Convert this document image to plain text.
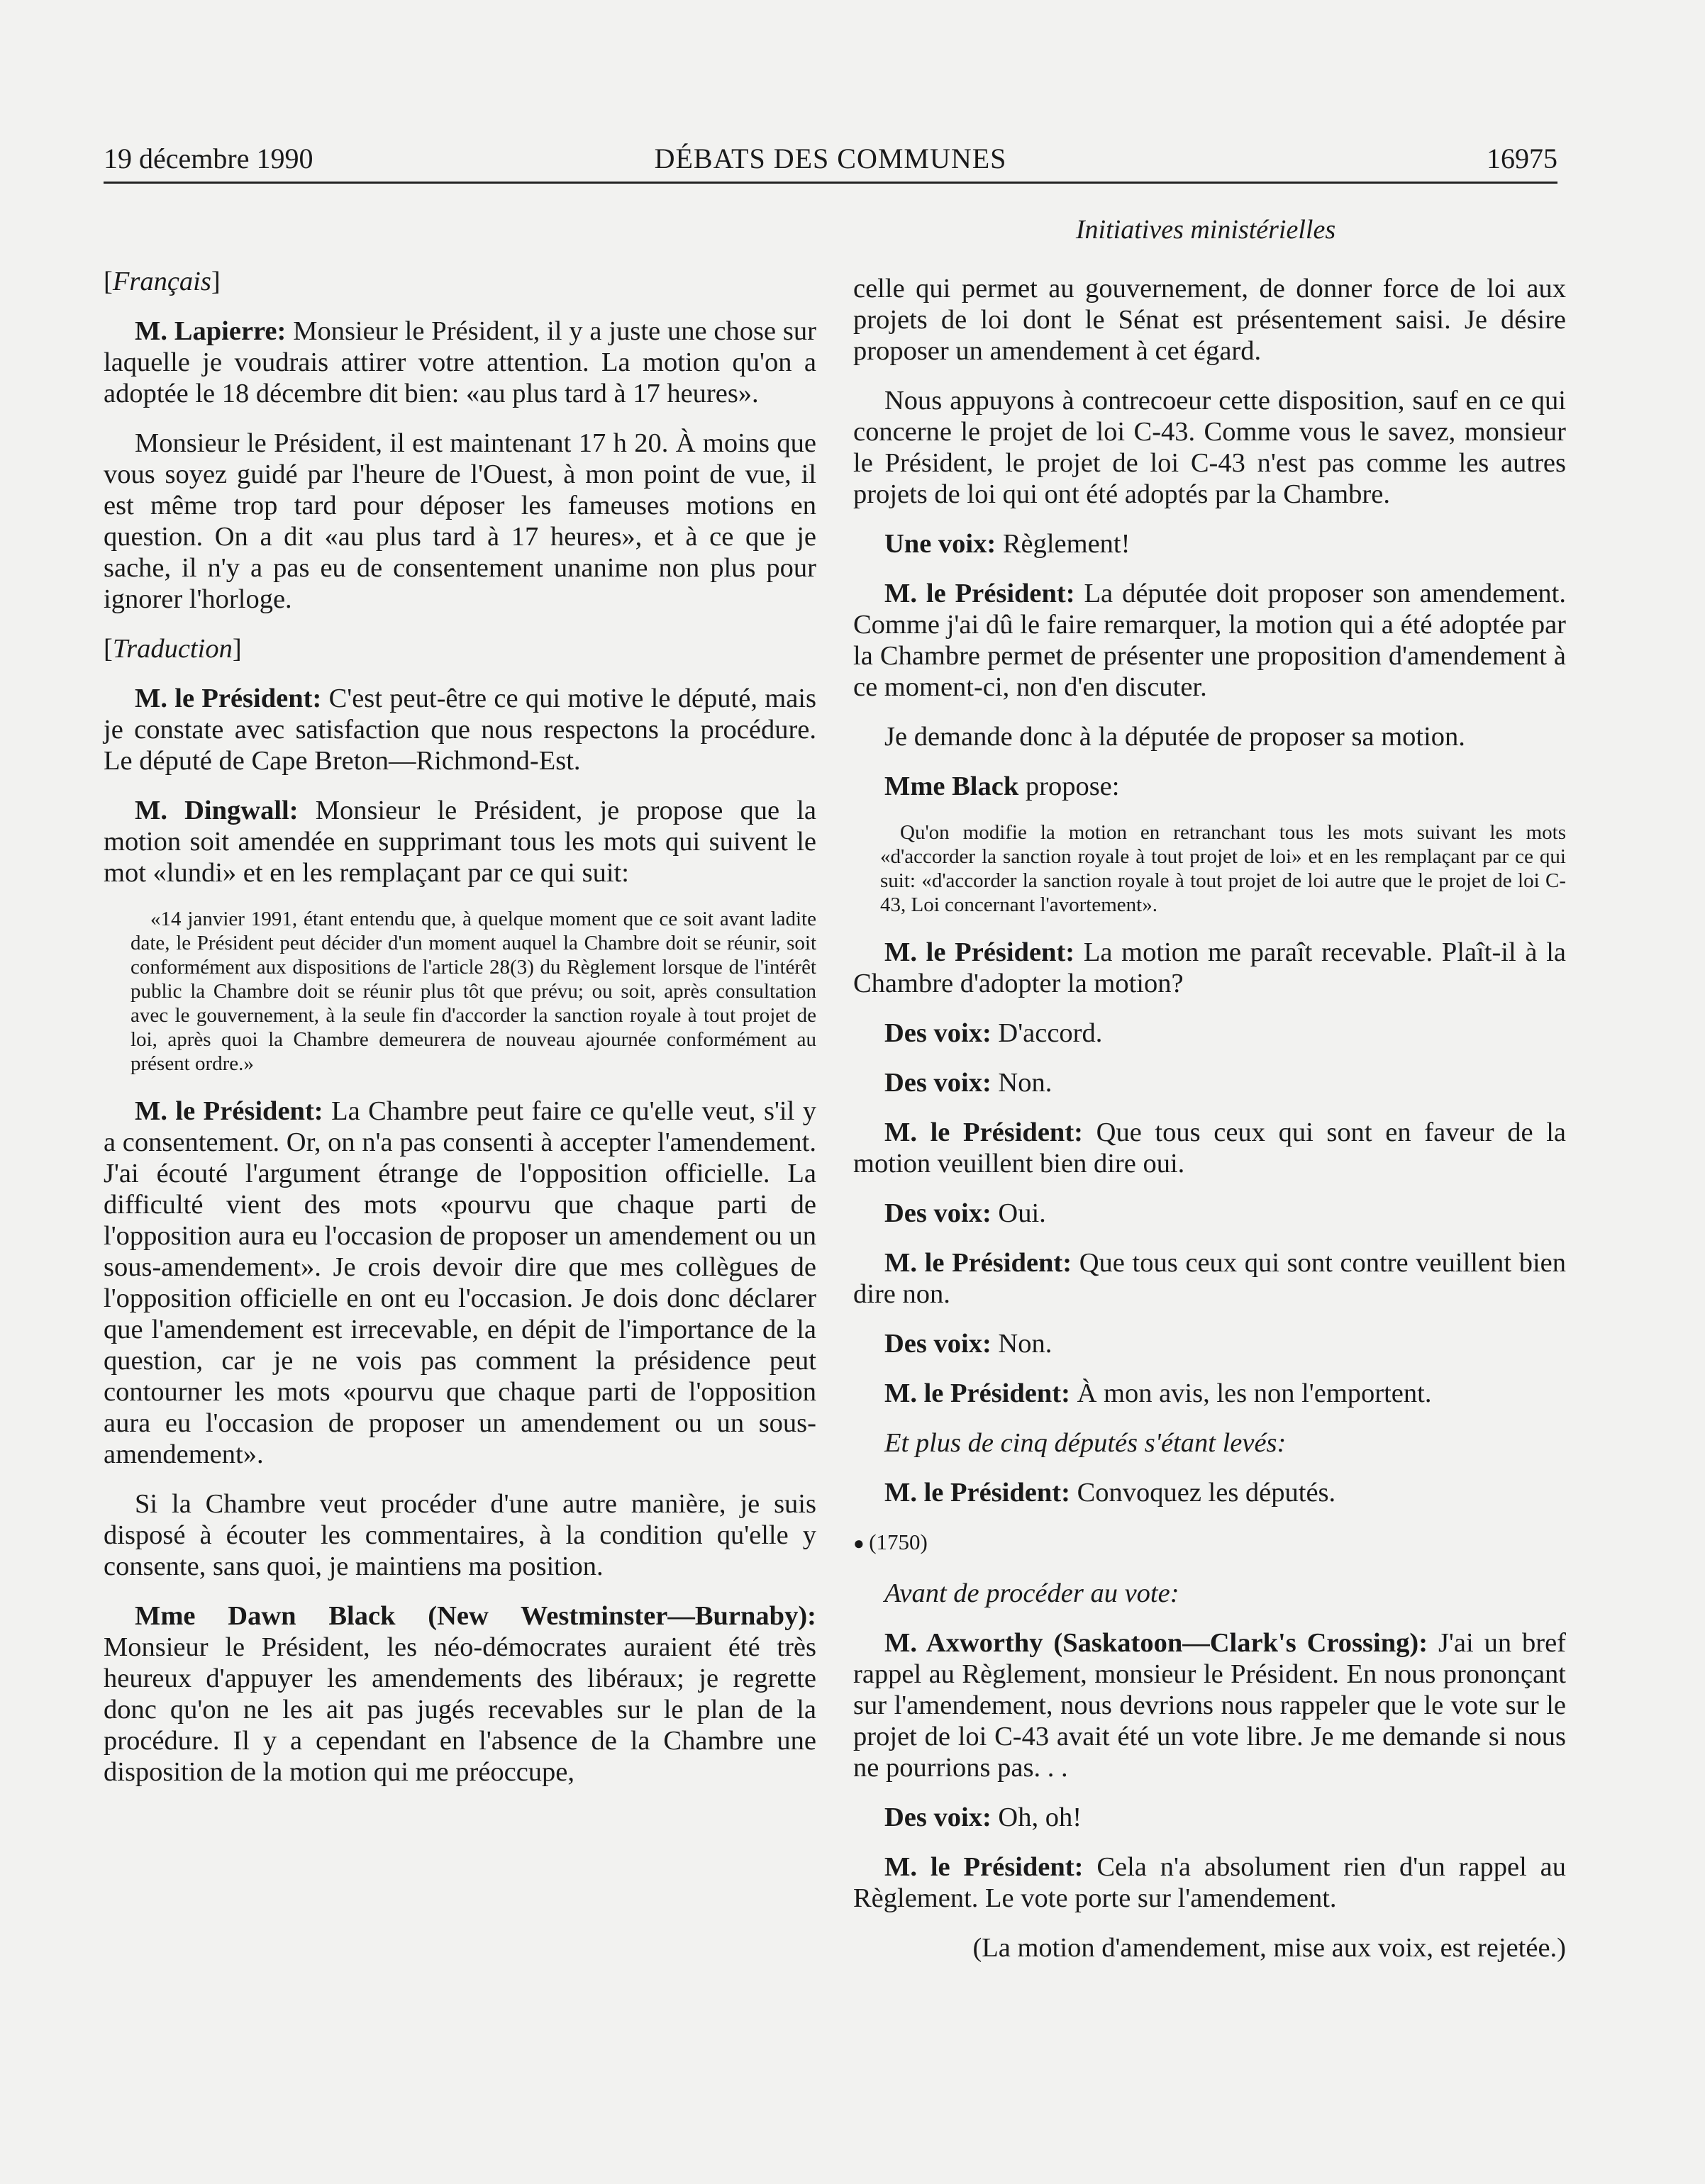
19 décembre 1990	DÉBATS DES COMMUNES	16975
Initiatives ministérielles

[Français]

M. Lapierre: Monsieur le Président, il y a juste une chose sur laquelle je voudrais attirer votre attention. La motion qu'on a adoptée le 18 décembre dit bien: «au plus tard à 17 heures».

Monsieur le Président, il est maintenant 17 h 20. À moins que vous soyez guidé par l'heure de l'Ouest, à mon point de vue, il est même trop tard pour déposer les fameuses motions en question. On a dit «au plus tard à 17 heures», et à ce que je sache, il n'y a pas eu de consentement unanime non plus pour ignorer l'horloge.

[Traduction]

M. le Président: C'est peut-être ce qui motive le député, mais je constate avec satisfaction que nous respectons la procédure. Le député de Cape Breton—Richmond-Est.

M. Dingwall: Monsieur le Président, je propose que la motion soit amendée en supprimant tous les mots qui suivent le mot «lundi» et en les remplaçant par ce qui suit:

«14 janvier 1991, étant entendu que, à quelque moment que ce soit avant ladite date, le Président peut décider d'un moment auquel la Chambre doit se réunir, soit conformément aux dispositions de l'article 28(3) du Règlement lorsque de l'intérêt public la Chambre doit se réunir plus tôt que prévu; ou soit, après consultation avec le gouvernement, à la seule fin d'accorder la sanction royale à tout projet de loi, après quoi la Chambre demeurera de nouveau ajournée conformément au présent ordre.»

M. le Président: La Chambre peut faire ce qu'elle veut, s'il y a consentement. Or, on n'a pas consenti à accepter l'amendement. J'ai écouté l'argument étrange de l'opposition officielle. La difficulté vient des mots «pourvu que chaque parti de l'opposition aura eu l'occasion de proposer un amendement ou un sous-amendement». Je crois devoir dire que mes collègues de l'opposition officielle en ont eu l'occasion. Je dois donc déclarer que l'amendement est irrecevable, en dépit de l'importance de la question, car je ne vois pas comment la présidence peut contourner les mots «pourvu que chaque parti de l'opposition aura eu l'occasion de proposer un amendement ou un sous-amendement».

Si la Chambre veut procéder d'une autre manière, je suis disposé à écouter les commentaires, à la condition qu'elle y consente, sans quoi, je maintiens ma position.

Mme Dawn Black (New Westminster—Burnaby): Monsieur le Président, les néo-démocrates auraient été très heureux d'appuyer les amendements des libéraux; je regrette donc qu'on ne les ait pas jugés recevables sur le plan de la procédure. Il y a cependant en l'absence de la Chambre une disposition de la motion qui me préoccupe,

celle qui permet au gouvernement, de donner force de loi aux projets de loi dont le Sénat est présentement saisi. Je désire proposer un amendement à cet égard.

Nous appuyons à contrecoeur cette disposition, sauf en ce qui concerne le projet de loi C-43. Comme vous le savez, monsieur le Président, le projet de loi C-43 n'est pas comme les autres projets de loi qui ont été adoptés par la Chambre.

Une voix: Règlement!

M. le Président: La députée doit proposer son amendement. Comme j'ai dû le faire remarquer, la motion qui a été adoptée par la Chambre permet de présenter une proposition d'amendement à ce moment-ci, non d'en discuter.

Je demande donc à la députée de proposer sa motion.

Mme Black propose:

Qu'on modifie la motion en retranchant tous les mots suivant les mots «d'accorder la sanction royale à tout projet de loi» et en les remplaçant par ce qui suit: «d'accorder la sanction royale à tout projet de loi autre que le projet de loi C-43, Loi concernant l'avortement».

M. le Président: La motion me paraît recevable. Plaît-il à la Chambre d'adopter la motion?

Des voix: D'accord.

Des voix: Non.

M. le Président: Que tous ceux qui sont en faveur de la motion veuillent bien dire oui.

Des voix: Oui.

M. le Président: Que tous ceux qui sont contre veuillent bien dire non.

Des voix: Non.

M. le Président: À mon avis, les non l'emportent.

Et plus de cinq députés s'étant levés:

M. le Président: Convoquez les députés.

● (1750)

Avant de procéder au vote:

M. Axworthy (Saskatoon—Clark's Crossing): J'ai un bref rappel au Règlement, monsieur le Président. En nous prononçant sur l'amendement, nous devrions nous rappeler que le vote sur le projet de loi C-43 avait été un vote libre. Je me demande si nous ne pourrions pas. . .

Des voix: Oh, oh!

M. le Président: Cela n'a absolument rien d'un rappel au Règlement. Le vote porte sur l'amendement.

(La motion d'amendement, mise aux voix, est rejetée.)
